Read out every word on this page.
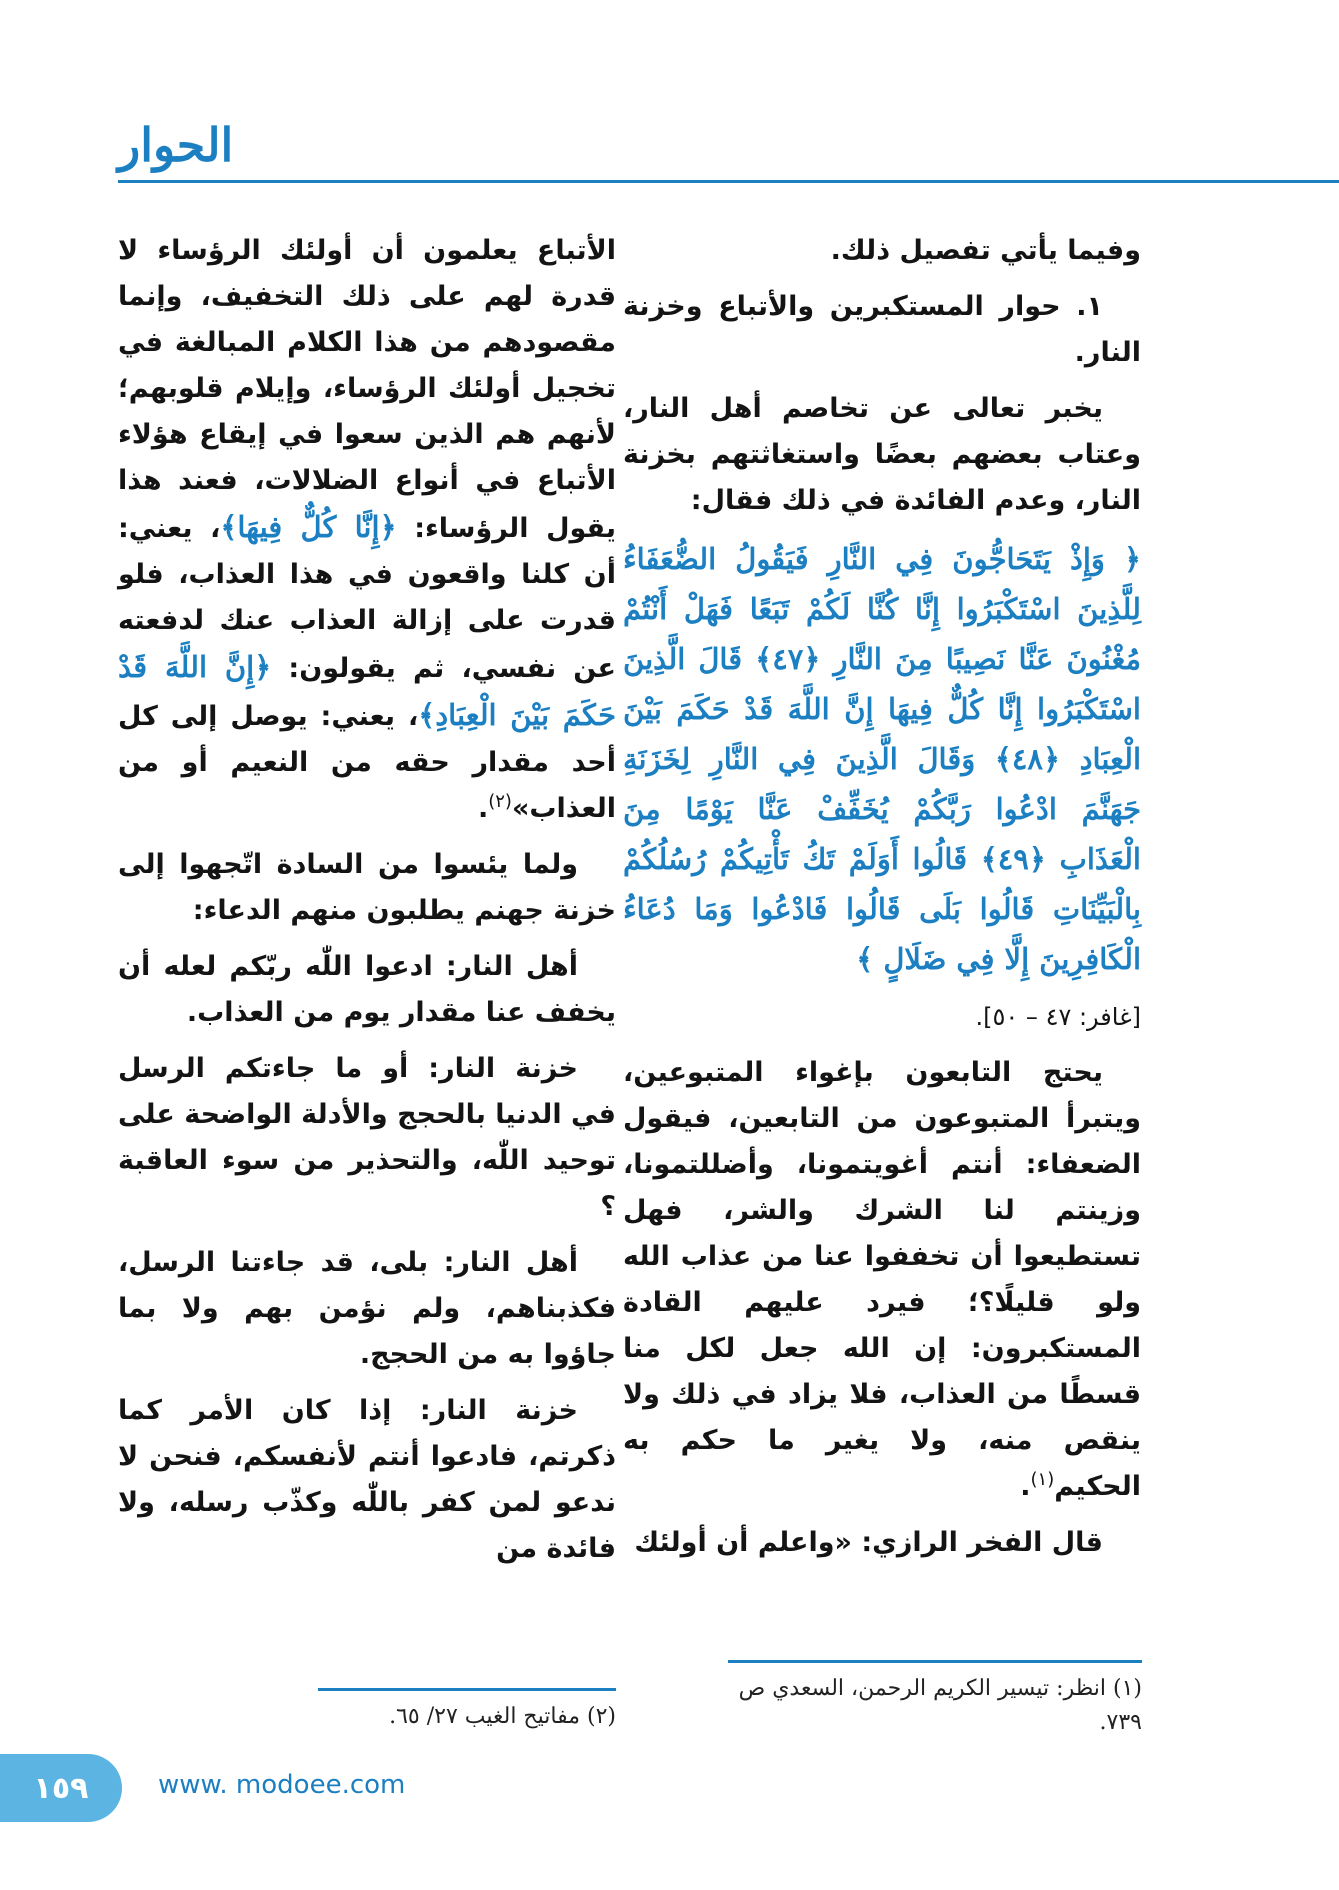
الحوار

وفيما يأتي تفصيل ذلك.

١. حوار المستكبرين والأتباع وخزنة النار.

يخبر تعالى عن تخاصم أهل النار، وعتاب بعضهم بعضًا واستغاثتهم بخزنة النار، وعدم الفائدة في ذلك فقال:

﴿ وَإِذْ يَتَحَاجُّونَ فِي النَّارِ فَيَقُولُ الضُّعَفَاءُ لِلَّذِينَ اسْتَكْبَرُوا إِنَّا كُنَّا لَكُمْ تَبَعًا فَهَلْ أَنْتُمْ مُغْنُونَ عَنَّا نَصِيبًا مِنَ النَّارِ ﴿٤٧﴾ قَالَ الَّذِينَ اسْتَكْبَرُوا إِنَّا كُلٌّ فِيهَا إِنَّ اللَّهَ قَدْ حَكَمَ بَيْنَ الْعِبَادِ ﴿٤٨﴾ وَقَالَ الَّذِينَ فِي النَّارِ لِخَزَنَةِ جَهَنَّمَ ادْعُوا رَبَّكُمْ يُخَفِّفْ عَنَّا يَوْمًا مِنَ الْعَذَابِ ﴿٤٩﴾ قَالُوا أَوَلَمْ تَكُ تَأْتِيكُمْ رُسُلُكُمْ بِالْبَيِّنَاتِ قَالُوا بَلَى قَالُوا فَادْعُوا وَمَا دُعَاءُ الْكَافِرِينَ إِلَّا فِي ضَلَالٍ ﴾

[غافر: ٤٧ – ٥٠].

يحتج التابعون بإغواء المتبوعين، ويتبرأ المتبوعون من التابعين، فيقول الضعفاء: أنتم أغويتمونا، وأضللتمونا، وزينتم لنا الشرك والشر، فهل تستطيعوا أن تخففوا عنا من عذاب الله ولو قليلًا؟؛ فيرد عليهم القادة المستكبرون: إن الله جعل لكل منا قسطًا من العذاب، فلا يزاد في ذلك ولا ينقص منه، ولا يغير ما حكم به الحكيم$^{(١)}$.

قال الفخر الرازي: «واعلم أن أولئك

الأتباع يعلمون أن أولئك الرؤساء لا قدرة لهم على ذلك التخفيف، وإنما مقصودهم من هذا الكلام المبالغة في تخجيل أولئك الرؤساء، وإيلام قلوبهم؛ لأنهم هم الذين سعوا في إيقاع هؤلاء الأتباع في أنواع الضلالات، فعند هذا يقول الرؤساء: ﴿إِنَّا كُلٌّ فِيهَا﴾، يعني: أن كلنا واقعون في هذا العذاب، فلو قدرت على إزالة العذاب عنك لدفعته عن نفسي، ثم يقولون: ﴿إِنَّ اللَّهَ قَدْ حَكَمَ بَيْنَ الْعِبَادِ﴾، يعني: يوصل إلى كل أحد مقدار حقه من النعيم أو من العذاب»$^{(٢)}$.

ولما يئسوا من السادة اتّجهوا إلى خزنة جهنم يطلبون منهم الدعاء:

أهل النار: ادعوا اللّٰه ربّكم لعله أن يخفف عنا مقدار يوم من العذاب.

خزنة النار: أو ما جاءتكم الرسل في الدنيا بالحجج والأدلة الواضحة على توحيد اللّٰه، والتحذير من سوء العاقبة ؟

أهل النار: بلى، قد جاءتنا الرسل، فكذبناهم، ولم نؤمن بهم ولا بما جاؤوا به من الحجج.

خزنة النار: إذا كان الأمر كما ذكرتم، فادعوا أنتم لأنفسكم، فنحن لا ندعو لمن كفر باللّٰه وكذّب رسله، ولا فائدة من

(١) انظر: تيسير الكريم الرحمن، السعدي ص ٧٣٩.
(٢) مفاتيح الغيب ٢٧/ ٦٥.
١٥٩	www. modoee.com
